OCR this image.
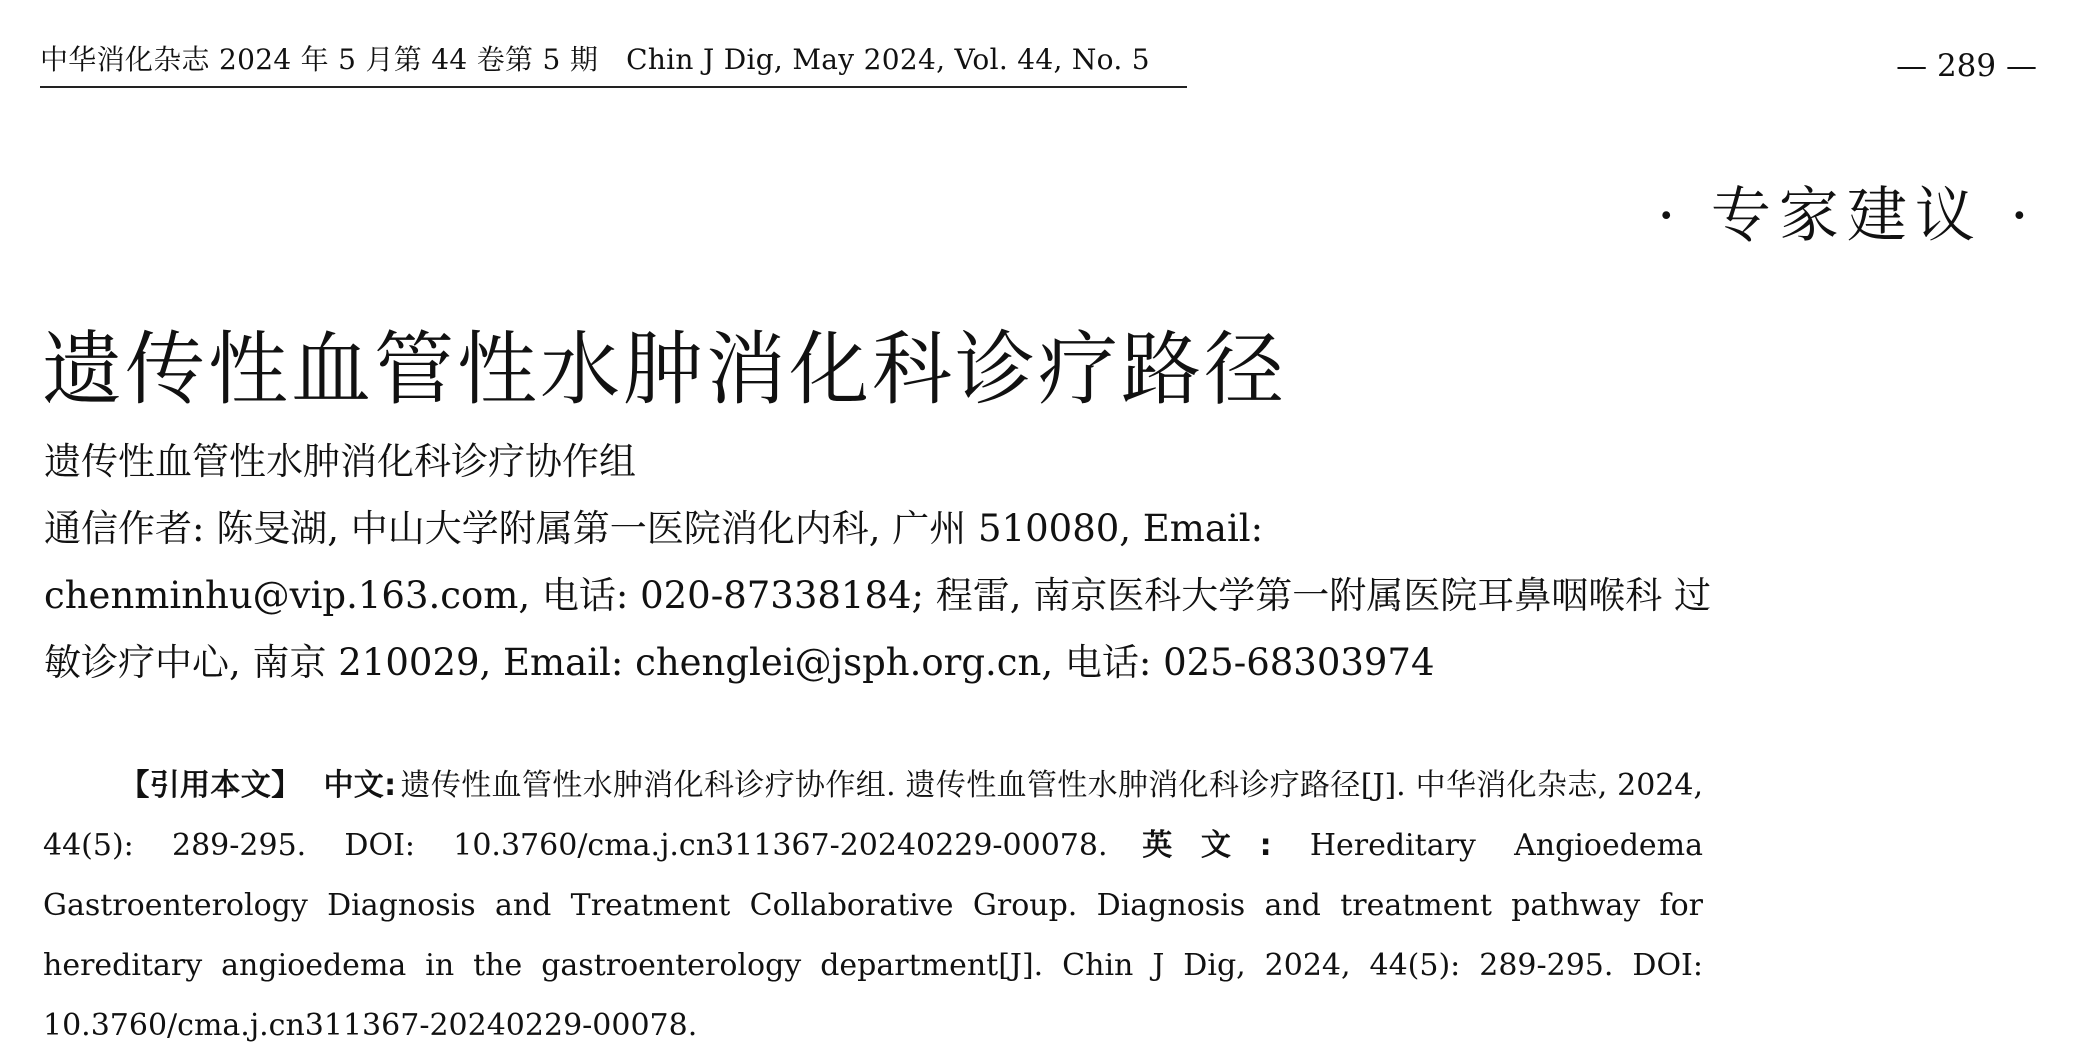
中华消化杂志 2024 年 5 月第 44 卷第 5 期 Chin J Dig, May 2024, Vol. 44, No. 5	— 289 —
· 专家建议 ·
遗传性血管性水肿消化科诊疗路径
遗传性血管性水肿消化科诊疗协作组
通信作者: 陈旻湖, 中山大学附属第一医院消化内科, 广州 510080, Email: chenminhu@vip.163.com, 电话: 020-87338184; 程雷, 南京医科大学第一附属医院耳鼻咽喉科 过敏诊疗中心, 南京 210029, Email: chenglei@jsph.org.cn, 电话: 025-68303974
【引用本文】 中文: 遗传性血管性水肿消化科诊疗协作组. 遗传性血管性水肿消化科诊疗路径[J]. 中华消化杂志, 2024, 44(5): 289-295. DOI: 10.3760/cma.j.cn311367-20240229-00078. 英文: Hereditary Angioedema Gastroenterology Diagnosis and Treatment Collaborative Group. Diagnosis and treatment pathway for hereditary angioedema in the gastroenterology department[J]. Chin J Dig, 2024, 44(5): 289-295. DOI: 10.3760/cma.j.cn311367-20240229-00078.
